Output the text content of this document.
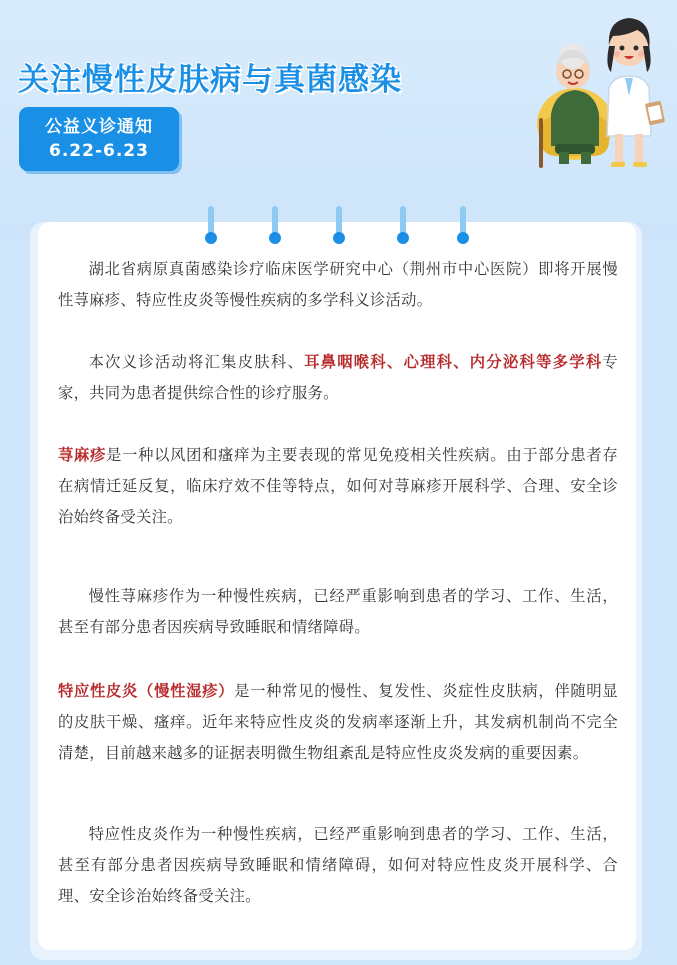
关注慢性皮肤病与真菌感染
公益义诊通知
6.22-6.23

湖北省病原真菌感染诊疗临床医学研究中心（荆州市中心医院）即将开展慢性荨麻疹、特应性皮炎等慢性疾病的多学科义诊活动。

本次义诊活动将汇集皮肤科、耳鼻咽喉科、心理科、内分泌科等多学科专家，共同为患者提供综合性的诊疗服务。

荨麻疹是一种以风团和瘙痒为主要表现的常见免疫相关性疾病。由于部分患者存在病情迁延反复，临床疗效不佳等特点，如何对荨麻疹开展科学、合理、安全诊治始终备受关注。

慢性荨麻疹作为一种慢性疾病，已经严重影响到患者的学习、工作、生活，甚至有部分患者因疾病导致睡眠和情绪障碍。

特应性皮炎（慢性湿疹）是一种常见的慢性、复发性、炎症性皮肤病，伴随明显的皮肤干燥、瘙痒。近年来特应性皮炎的发病率逐渐上升，其发病机制尚不完全清楚，目前越来越多的证据表明微生物组紊乱是特应性皮炎发病的重要因素。

特应性皮炎作为一种慢性疾病，已经严重影响到患者的学习、工作、生活，甚至有部分患者因疾病导致睡眠和情绪障碍，如何对特应性皮炎开展科学、合理、安全诊治始终备受关注。
